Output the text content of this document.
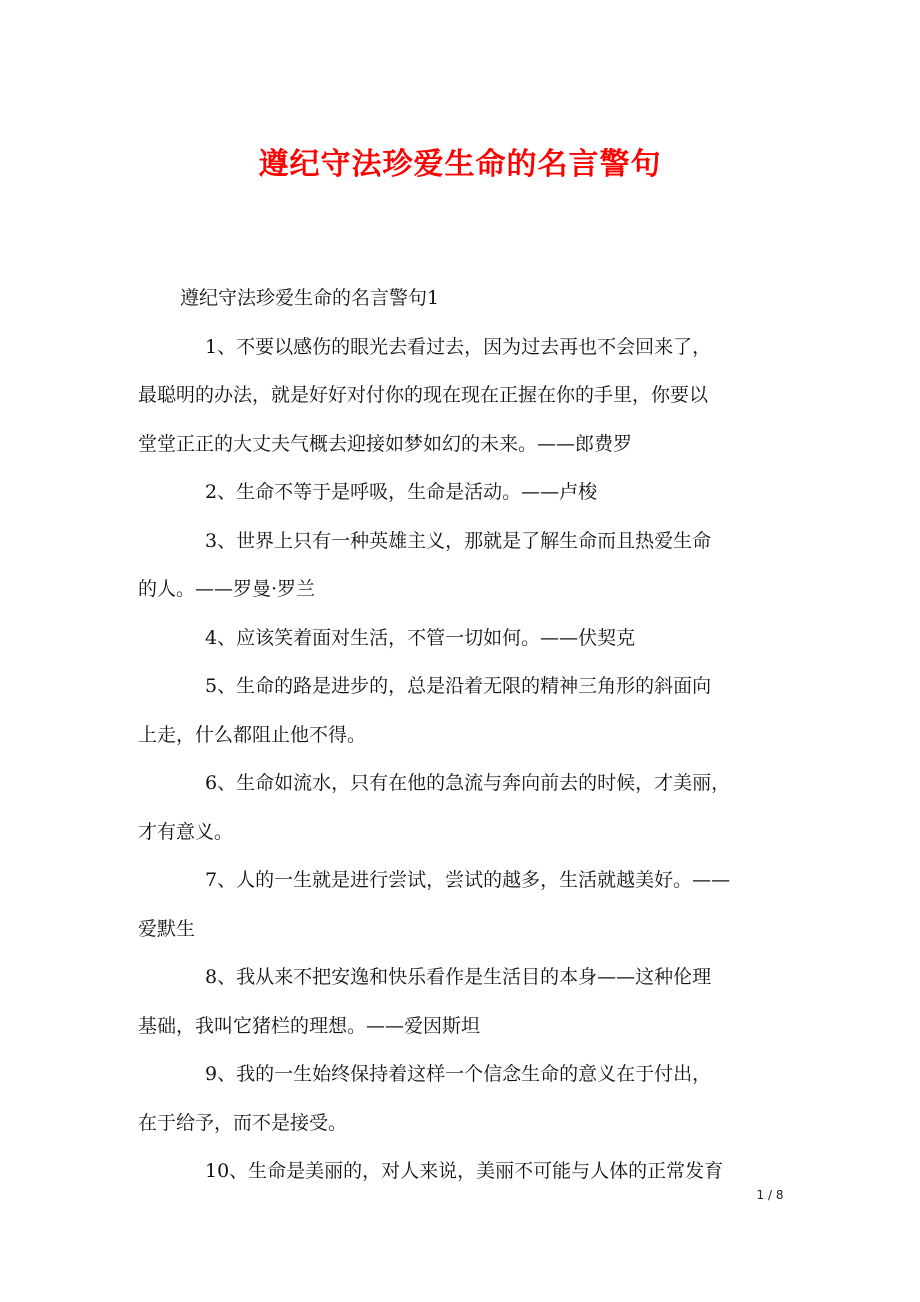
遵纪守法珍爱生命的名言警句
遵纪守法珍爱生命的名言警句1
1、不要以感伤的眼光去看过去，因为过去再也不会回来了，
最聪明的办法，就是好好对付你的现在现在正握在你的手里，你要以
堂堂正正的大丈夫气概去迎接如梦如幻的未来。——郎费罗
2、生命不等于是呼吸，生命是活动。——卢梭
3、世界上只有一种英雄主义，那就是了解生命而且热爱生命
的人。——罗曼·罗兰
4、应该笑着面对生活，不管一切如何。——伏契克
5、生命的路是进步的，总是沿着无限的精神三角形的斜面向
上走，什么都阻止他不得。
6、生命如流水，只有在他的急流与奔向前去的时候，才美丽，
才有意义。
7、人的一生就是进行尝试，尝试的越多，生活就越美好。——
爱默生
8、我从来不把安逸和快乐看作是生活目的本身——这种伦理
基础，我叫它猪栏的理想。——爱因斯坦
9、我的一生始终保持着这样一个信念生命的意义在于付出，
在于给予，而不是接受。
10、生命是美丽的，对人来说，美丽不可能与人体的正常发育
1 / 8
